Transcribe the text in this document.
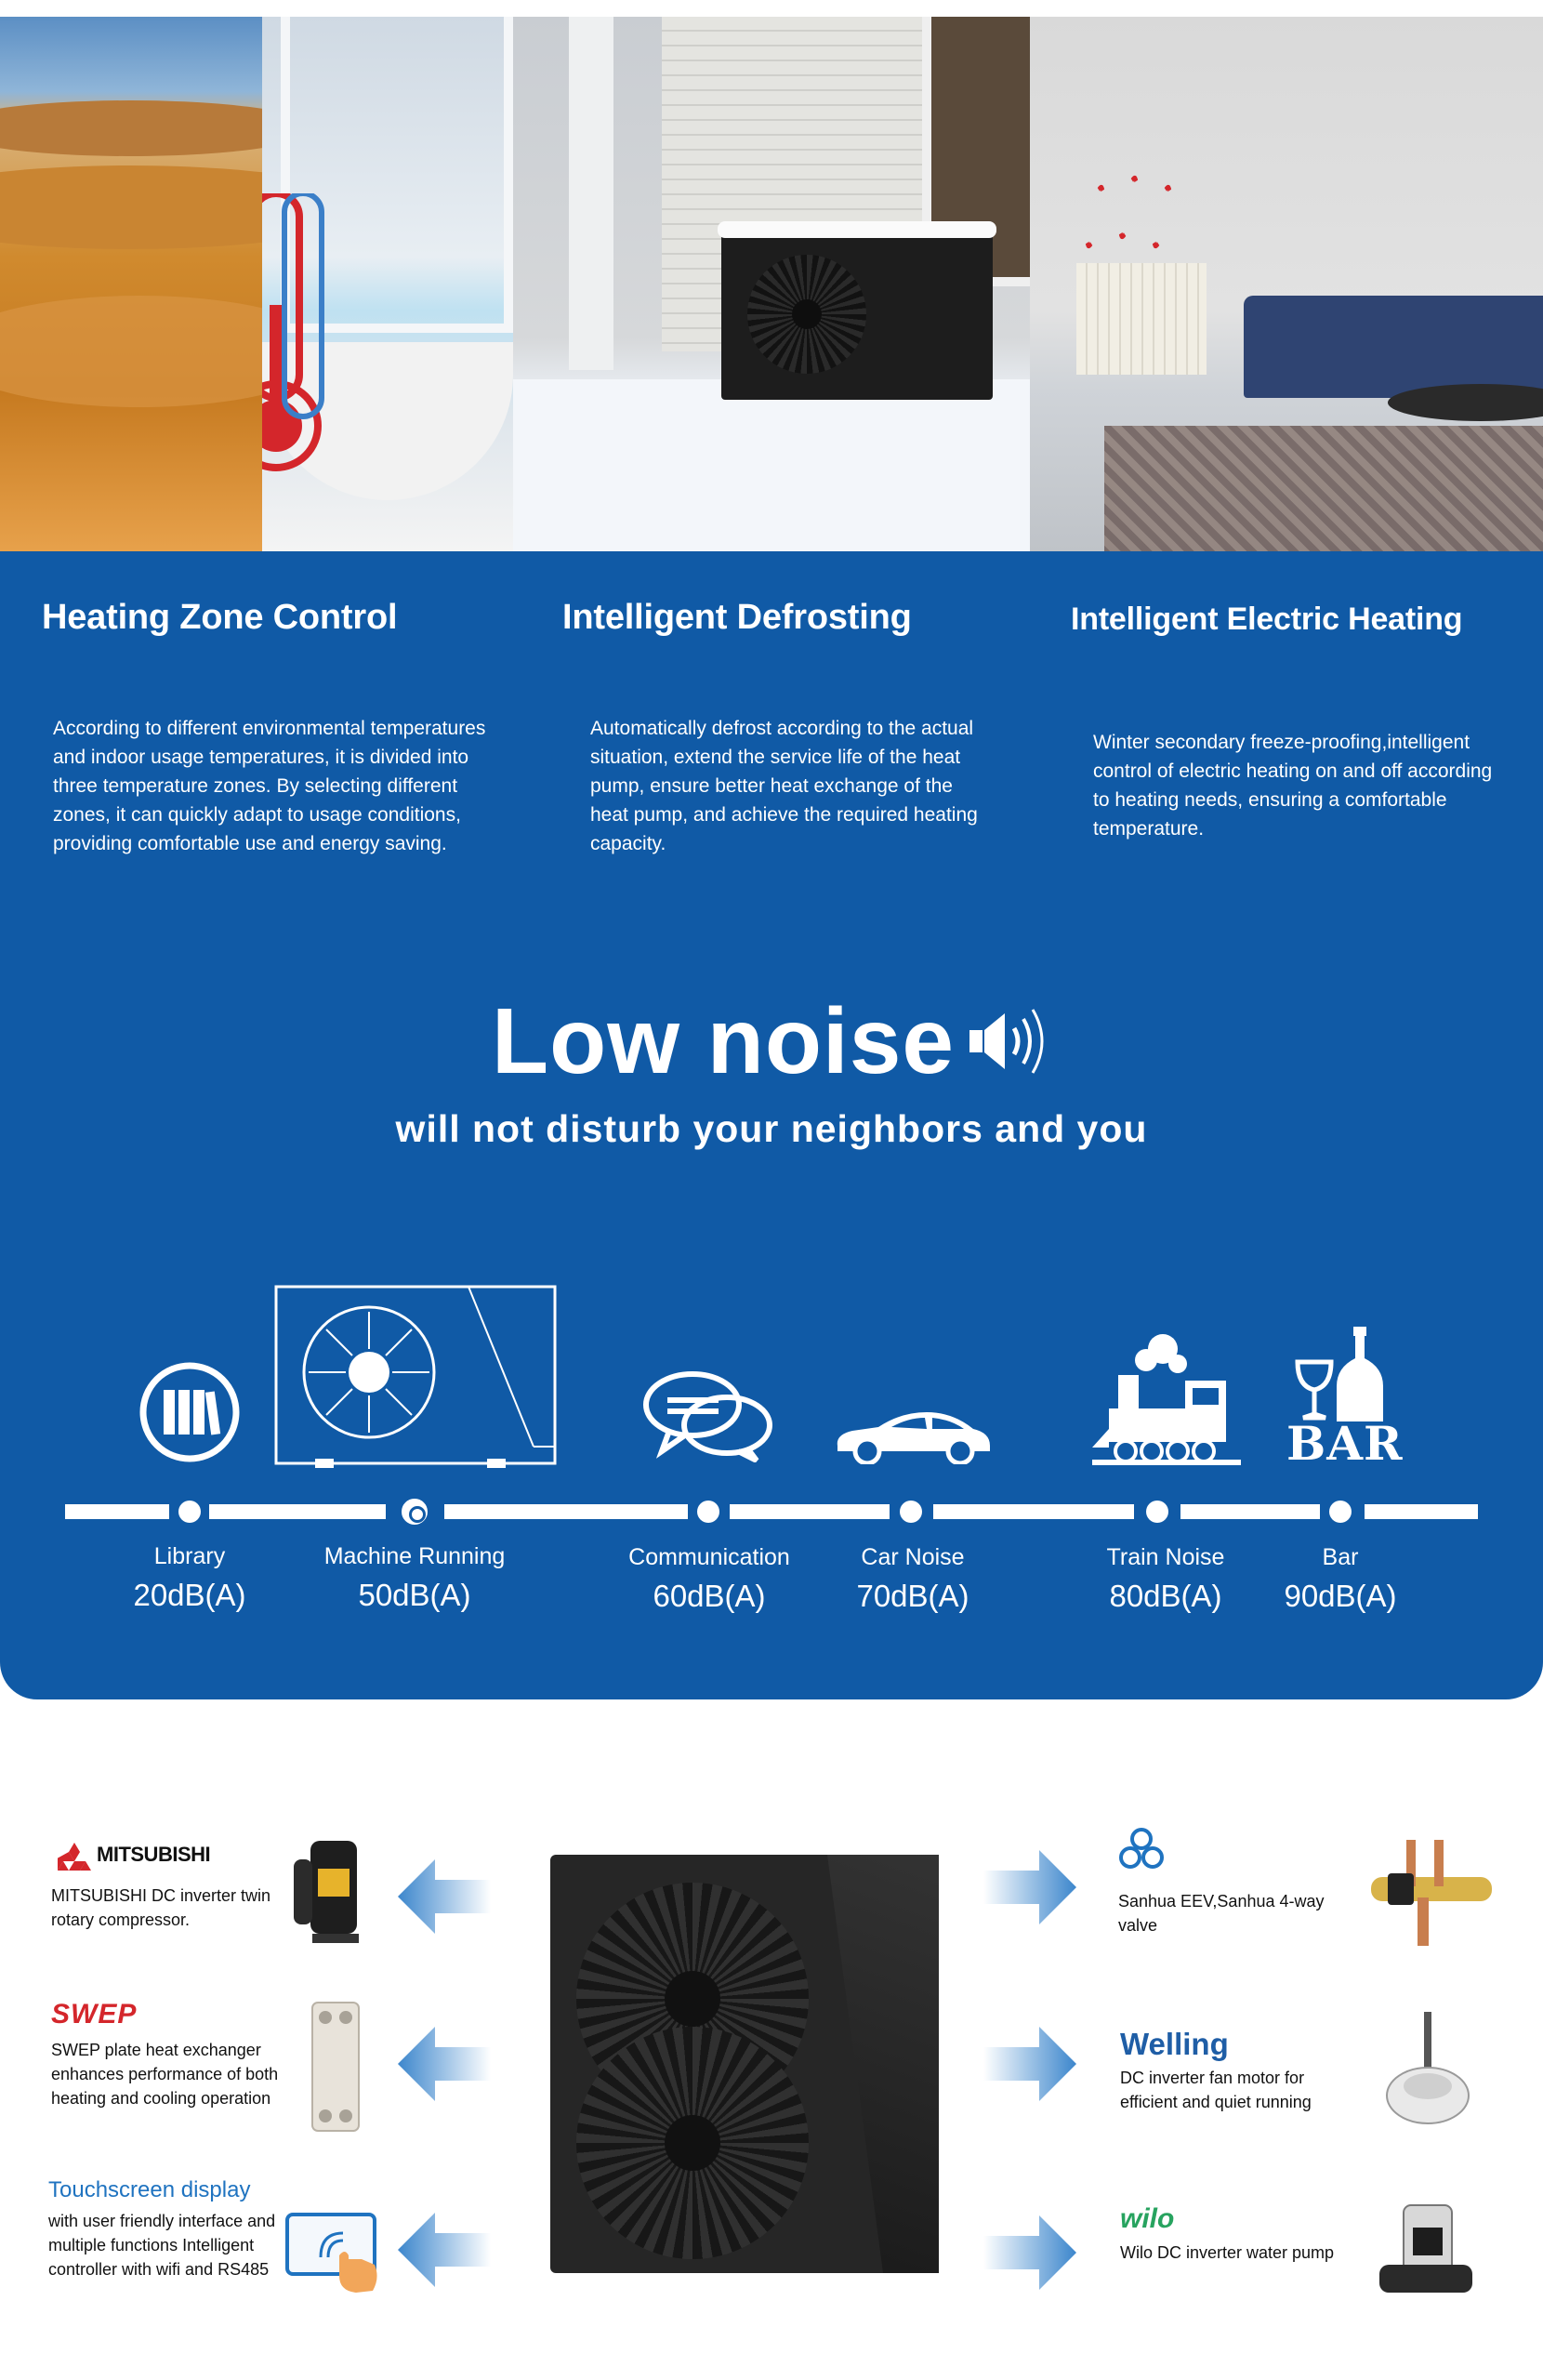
Heating Zone Control

According to different environmental temperatures and indoor usage temperatures, it is divided into three temperature zones. By selecting different zones, it can quickly adapt to usage conditions, providing comfortable use and energy saving.

Intelligent Defrosting

Automatically defrost according to the actual situation, extend the service life of the heat pump, ensure better heat exchange of the heat pump, and achieve the required heating capacity.

Intelligent Electric Heating

Winter secondary freeze-proofing,intelligent control of electric heating on and off according to heating needs, ensuring a comfortable temperature.

Low noise
will not disturb your neighbors and you
BAR
Library
20dB(A)
Machine Running
50dB(A)
Communication
60dB(A)
Car Noise
70dB(A)
Train Noise
80dB(A)
Bar
90dB(A)
MITSUBISHI
MITSUBISHI DC inverter twin rotary compressor.
SWEP
SWEP plate heat exchanger enhances performance of both heating and cooling operation
Touchscreen display
with user friendly interface and multiple functions Intelligent controller with wifi and RS485
Sanhua EEV,Sanhua 4-way valve
Welling
DC inverter fan motor for efficient and quiet running
wilo
Wilo DC inverter water pump
